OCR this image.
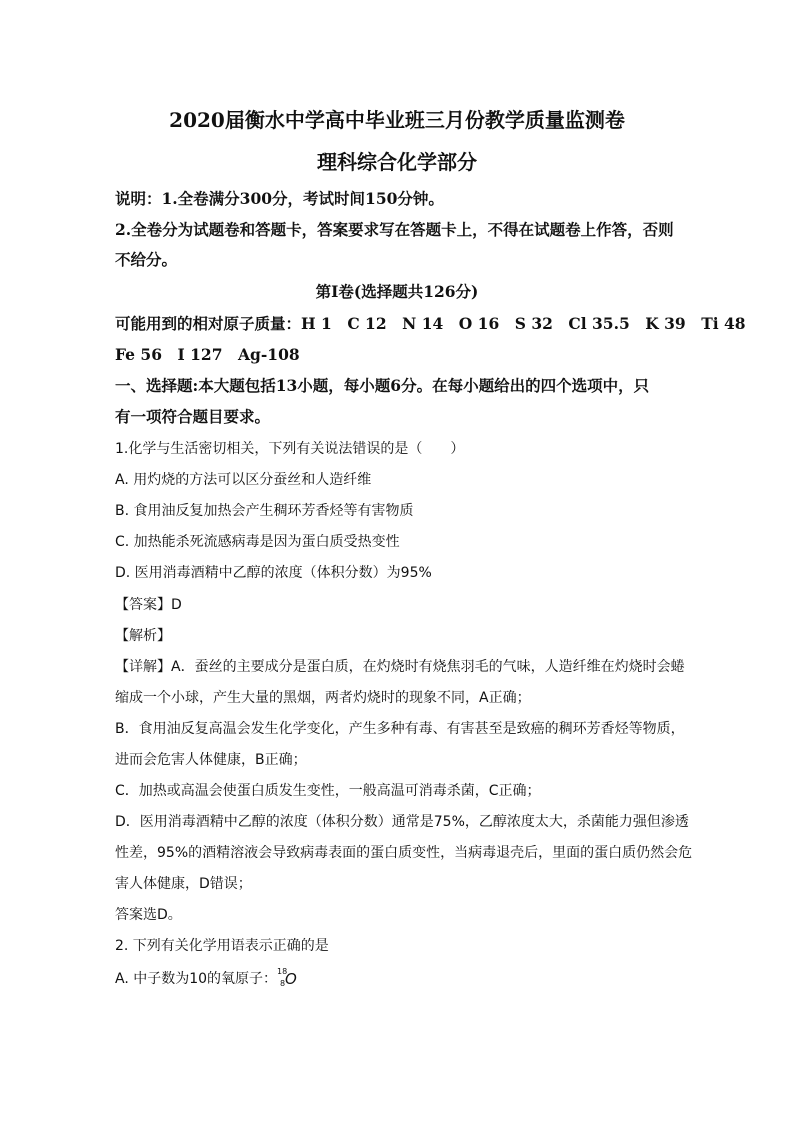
2020届衡水中学高中毕业班三月份教学质量监测卷
理科综合化学部分
说明：1.全卷满分300分，考试时间150分钟。
2.全卷分为试题卷和答题卡，答案要求写在答题卡上，不得在试题卷上作答，否则
不给分。
第Ⅰ卷(选择题共126分)
可能用到的相对原子质量：H 1　C 12　N 14　O 16　S 32　Cl 35.5　K 39　Ti 48
Fe 56　I 127　Ag-108
一、选择题:本大题包括13小题，每小题6分。在每小题给出的四个选项中，只
有一项符合题目要求。
1.化学与生活密切相关，下列有关说法错误的是（　　）
A. 用灼烧的方法可以区分蚕丝和人造纤维
B. 食用油反复加热会产生稠环芳香烃等有害物质
C. 加热能杀死流感病毒是因为蛋白质受热变性
D. 医用消毒酒精中乙醇的浓度（体积分数）为95%
【答案】D
【解析】
【详解】A．蚕丝的主要成分是蛋白质，在灼烧时有烧焦羽毛的气味，人造纤维在灼烧时会蜷
缩成一个小球，产生大量的黑烟，两者灼烧时的现象不同，A正确；
B．食用油反复高温会发生化学变化，产生多种有毒、有害甚至是致癌的稠环芳香烃等物质，
进而会危害人体健康，B正确；
C．加热或高温会使蛋白质发生变性，一般高温可消毒杀菌，C正确；
D．医用消毒酒精中乙醇的浓度（体积分数）通常是75%，乙醇浓度太大，杀菌能力强但渗透
性差，95%的酒精溶液会导致病毒表面的蛋白质变性，当病毒退壳后，里面的蛋白质仍然会危
害人体健康，D错误；
答案选D。
2. 下列有关化学用语表示正确的是
A. 中子数为10的氧原子： 18
8 O
